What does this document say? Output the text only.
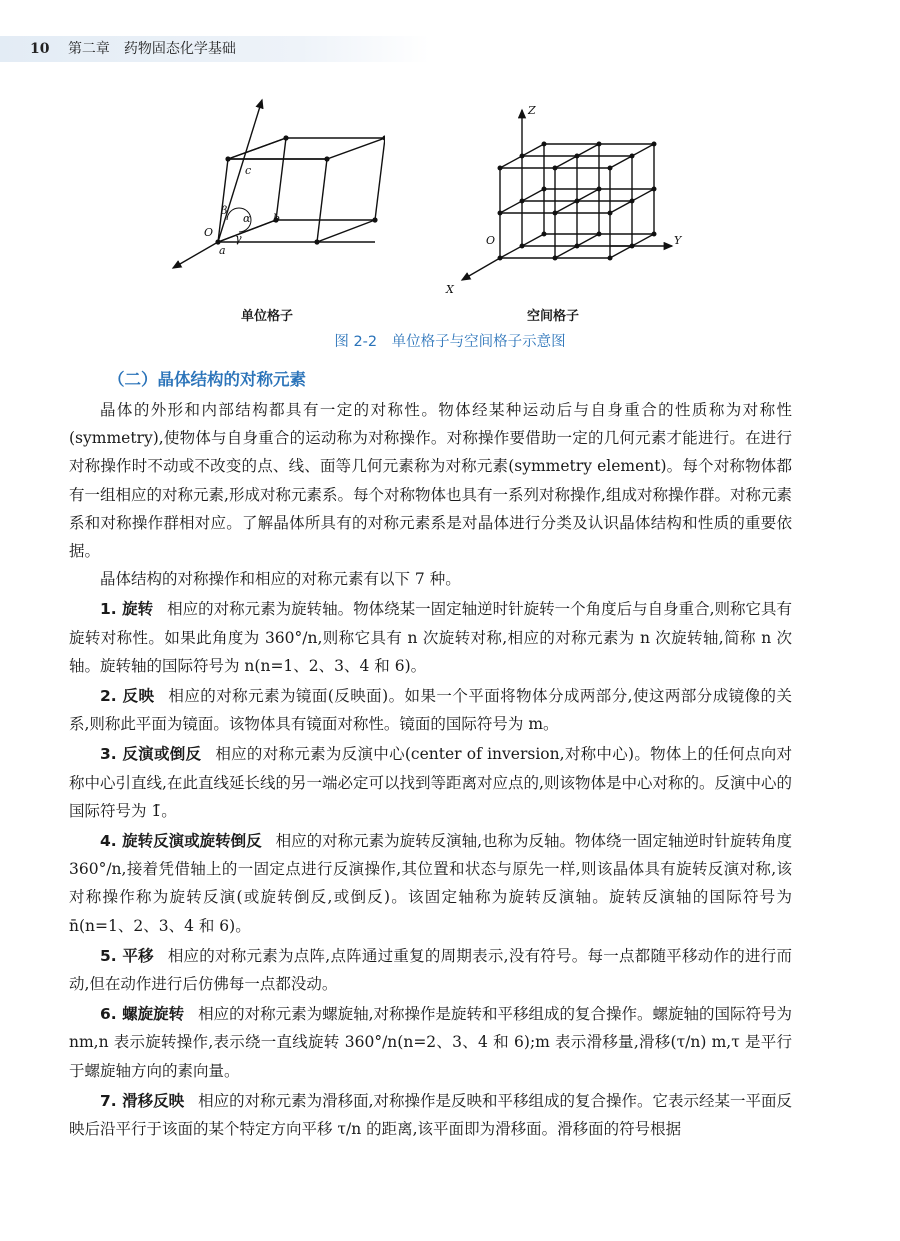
10 第二章　药物固态化学基础
c
α
β
γ
a
b
O
Z
Y
X
O
单位格子	空间格子
图 2-2　单位格子与空间格子示意图
（二）晶体结构的对称元素

晶体的外形和内部结构都具有一定的对称性。物体经某种运动后与自身重合的性质称为对称性(symmetry),使物体与自身重合的运动称为对称操作。对称操作要借助一定的几何元素才能进行。在进行对称操作时不动或不改变的点、线、面等几何元素称为对称元素(symmetry element)。每个对称物体都有一组相应的对称元素,形成对称元素系。每个对称物体也具有一系列对称操作,组成对称操作群。对称元素系和对称操作群相对应。了解晶体所具有的对称元素系是对晶体进行分类及认识晶体结构和性质的重要依据。

晶体结构的对称操作和相应的对称元素有以下 7 种。

1. 旋转 相应的对称元素为旋转轴。物体绕某一固定轴逆时针旋转一个角度后与自身重合,则称它具有旋转对称性。如果此角度为 360°/n,则称它具有 n 次旋转对称,相应的对称元素为 n 次旋转轴,简称 n 次轴。旋转轴的国际符号为 n(n=1、2、3、4 和 6)。

2. 反映 相应的对称元素为镜面(反映面)。如果一个平面将物体分成两部分,使这两部分成镜像的关系,则称此平面为镜面。该物体具有镜面对称性。镜面的国际符号为 m。

3. 反演或倒反 相应的对称元素为反演中心(center of inversion,对称中心)。物体上的任何点向对称中心引直线,在此直线延长线的另一端必定可以找到等距离对应点的,则该物体是中心对称的。反演中心的国际符号为 1̄。

4. 旋转反演或旋转倒反 相应的对称元素为旋转反演轴,也称为反轴。物体绕一固定轴逆时针旋转角度 360°/n,接着凭借轴上的一固定点进行反演操作,其位置和状态与原先一样,则该晶体具有旋转反演对称,该对称操作称为旋转反演(或旋转倒反,或倒反)。该固定轴称为旋转反演轴。旋转反演轴的国际符号为 n̄(n=1、2、3、4 和 6)。

5. 平移 相应的对称元素为点阵,点阵通过重复的周期表示,没有符号。每一点都随平移动作的进行而动,但在动作进行后仿佛每一点都没动。

6. 螺旋旋转 相应的对称元素为螺旋轴,对称操作是旋转和平移组成的复合操作。螺旋轴的国际符号为 nm,n 表示旋转操作,表示绕一直线旋转 360°/n(n=2、3、4 和 6);m 表示滑移量,滑移(τ/n) m,τ 是平行于螺旋轴方向的素向量。

7. 滑移反映 相应的对称元素为滑移面,对称操作是反映和平移组成的复合操作。它表示经某一平面反映后沿平行于该面的某个特定方向平移 τ/n 的距离,该平面即为滑移面。滑移面的符号根据
